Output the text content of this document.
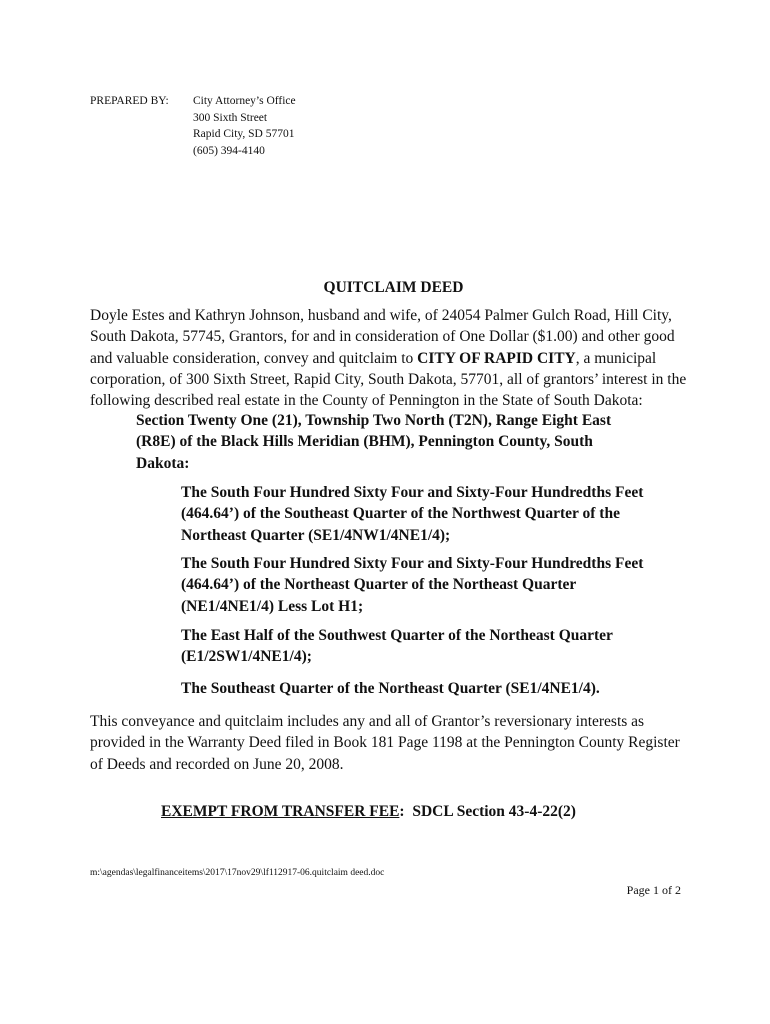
PREPARED BY:	City Attorney’s Office
300 Sixth Street
Rapid City, SD 57701
(605) 394-4140
QUITCLAIM DEED
Doyle Estes and Kathryn Johnson, husband and wife, of 24054 Palmer Gulch Road, Hill City, South Dakota, 57745, Grantors, for and in consideration of One Dollar ($1.00) and other good and valuable consideration, convey and quitclaim to CITY OF RAPID CITY, a municipal corporation, of 300 Sixth Street, Rapid City, South Dakota, 57701, all of grantors’ interest in the following described real estate in the County of Pennington in the State of South Dakota:
Section Twenty One (21), Township Two North (T2N), Range Eight East (R8E) of the Black Hills Meridian (BHM), Pennington County, South Dakota:
The South Four Hundred Sixty Four and Sixty-Four Hundredths Feet (464.64’) of the Southeast Quarter of the Northwest Quarter of the Northeast Quarter (SE1/4NW1/4NE1/4);
The South Four Hundred Sixty Four and Sixty-Four Hundredths Feet (464.64’) of the Northeast Quarter of the Northeast Quarter (NE1/4NE1/4) Less Lot H1;
The East Half of the Southwest Quarter of the Northeast Quarter (E1/2SW1/4NE1/4);
The Southeast Quarter of the Northeast Quarter (SE1/4NE1/4).
This conveyance and quitclaim includes any and all of Grantor’s reversionary interests as provided in the Warranty Deed filed in Book 181 Page 1198 at the Pennington County Register of Deeds and recorded on June 20, 2008.
EXEMPT FROM TRANSFER FEE:  SDCL Section 43-4-22(2)
m:\agendas\legalfinanceitems\2017\17nov29\lf112917-06.quitclaim deed.doc
Page 1 of 2
